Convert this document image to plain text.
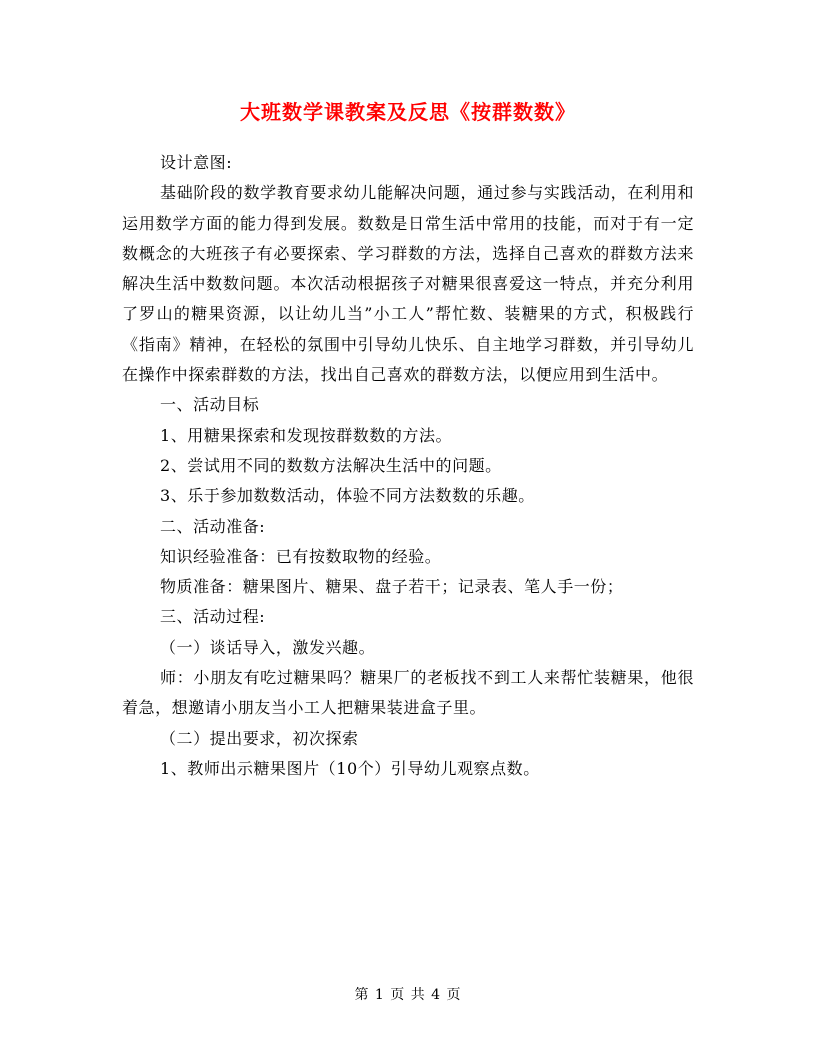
大班数学课教案及反思《按群数数》

设计意图:

基础阶段的数学教育要求幼儿能解决问题，通过参与实践活动，在利用和运用数学方面的能力得到发展。数数是日常生活中常用的技能，而对于有一定数概念的大班孩子有必要探索、学习群数的方法，选择自己喜欢的群数方法来解决生活中数数问题。本次活动根据孩子对糖果很喜爱这一特点，并充分利用了罗山的糖果资源，以让幼儿当”小工人”帮忙数、装糖果的方式，积极践行《指南》精神，在轻松的氛围中引导幼儿快乐、自主地学习群数，并引导幼儿在操作中探索群数的方法，找出自己喜欢的群数方法，以便应用到生活中。

一、活动目标

1、用糖果探索和发现按群数数的方法。

2、尝试用不同的数数方法解决生活中的问题。

3、乐于参加数数活动，体验不同方法数数的乐趣。

二、活动准备:

知识经验准备：已有按数取物的经验。

物质准备：糖果图片、糖果、盘子若干；记录表、笔人手一份；

三、活动过程:

（一）谈话导入，激发兴趣。

师：小朋友有吃过糖果吗？糖果厂的老板找不到工人来帮忙装糖果，他很着急，想邀请小朋友当小工人把糖果装进盒子里。

（二）提出要求，初次探索

1、教师出示糖果图片（10个）引导幼儿观察点数。

第 1 页 共 4 页
